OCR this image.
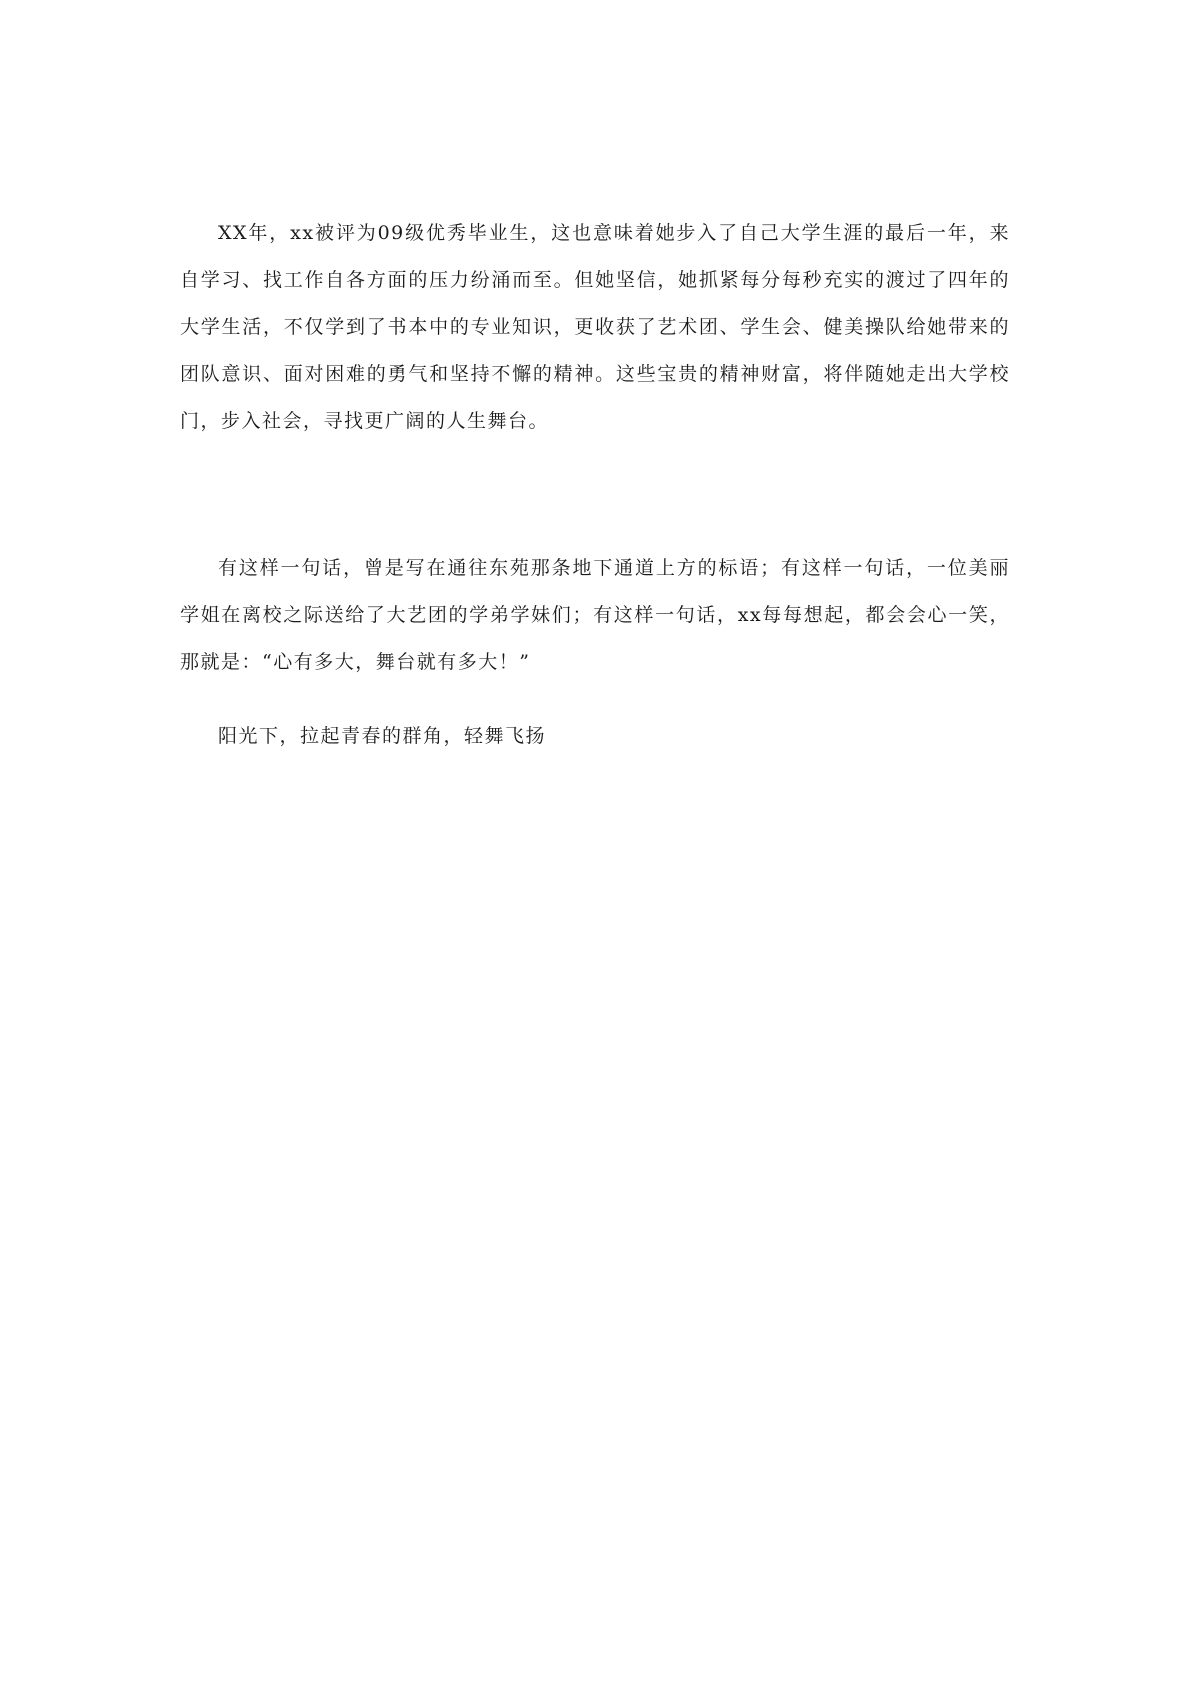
XX年，xx被评为09级优秀毕业生，这也意味着她步入了自己大学生涯的最后一年，来自学习、找工作自各方面的压力纷涌而至。但她坚信，她抓紧每分每秒充实的渡过了四年的大学生活，不仅学到了书本中的专业知识，更收获了艺术团、学生会、健美操队给她带来的团队意识、面对困难的勇气和坚持不懈的精神。这些宝贵的精神财富，将伴随她走出大学校门，步入社会，寻找更广阔的人生舞台。

有这样一句话，曾是写在通往东苑那条地下通道上方的标语；有这样一句话，一位美丽学姐在离校之际送给了大艺团的学弟学妹们；有这样一句话，xx每每想起，都会会心一笑，那就是：“心有多大，舞台就有多大！”

阳光下，拉起青春的群角，轻舞飞扬
